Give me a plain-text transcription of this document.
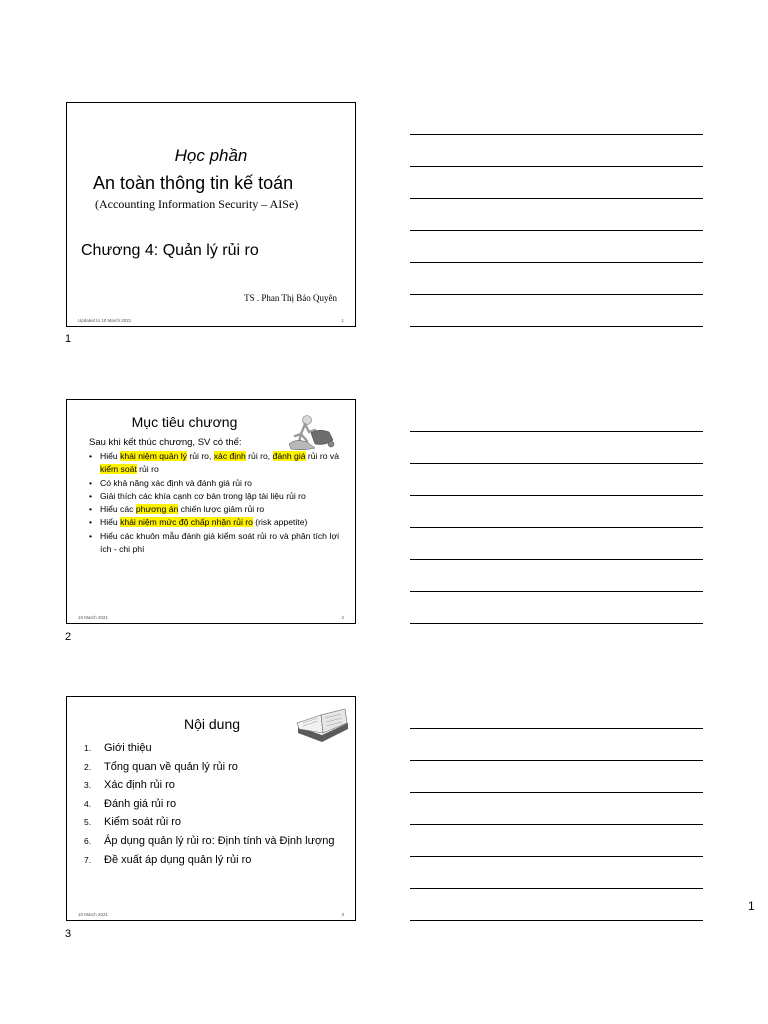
Học phần
An toàn thông tin kế toán
(Accounting Information Security – AISe)
Chương 4: Quản lý rủi ro
TS . Phan Thị Bảo Quyên
Updated to 10 March 2021	1
1
Mục tiêu chương
Sau khi kết thúc chương, SV có thể:
• Hiểu khái niệm quản lý rủi ro, xác định rủi ro, đánh giá rủi ro và kiểm soát rủi ro
• Có khả năng xác định và đánh giá rủi ro
• Giải thích các khía cạnh cơ bản trong lập tài liệu rủi ro
• Hiểu các phương án chiến lược giảm rủi ro
• Hiểu khái niệm mức độ chấp nhận rủi ro (risk appetite)
• Hiểu các khuôn mẫu đánh giá kiểm soát rủi ro và phân tích lợi ích - chi phí
10 March 2021	2
2
Nội dung
1. Giới thiệu
2. Tổng quan về quản lý rủi ro
3. Xác định rủi ro
4. Đánh giá rủi ro
5. Kiểm soát rủi ro
6. Áp dụng quản lý rủi ro: Định tính và Định lượng
7. Đề xuất áp dụng quản lý rủi ro
10 March 2021	3
3
1
